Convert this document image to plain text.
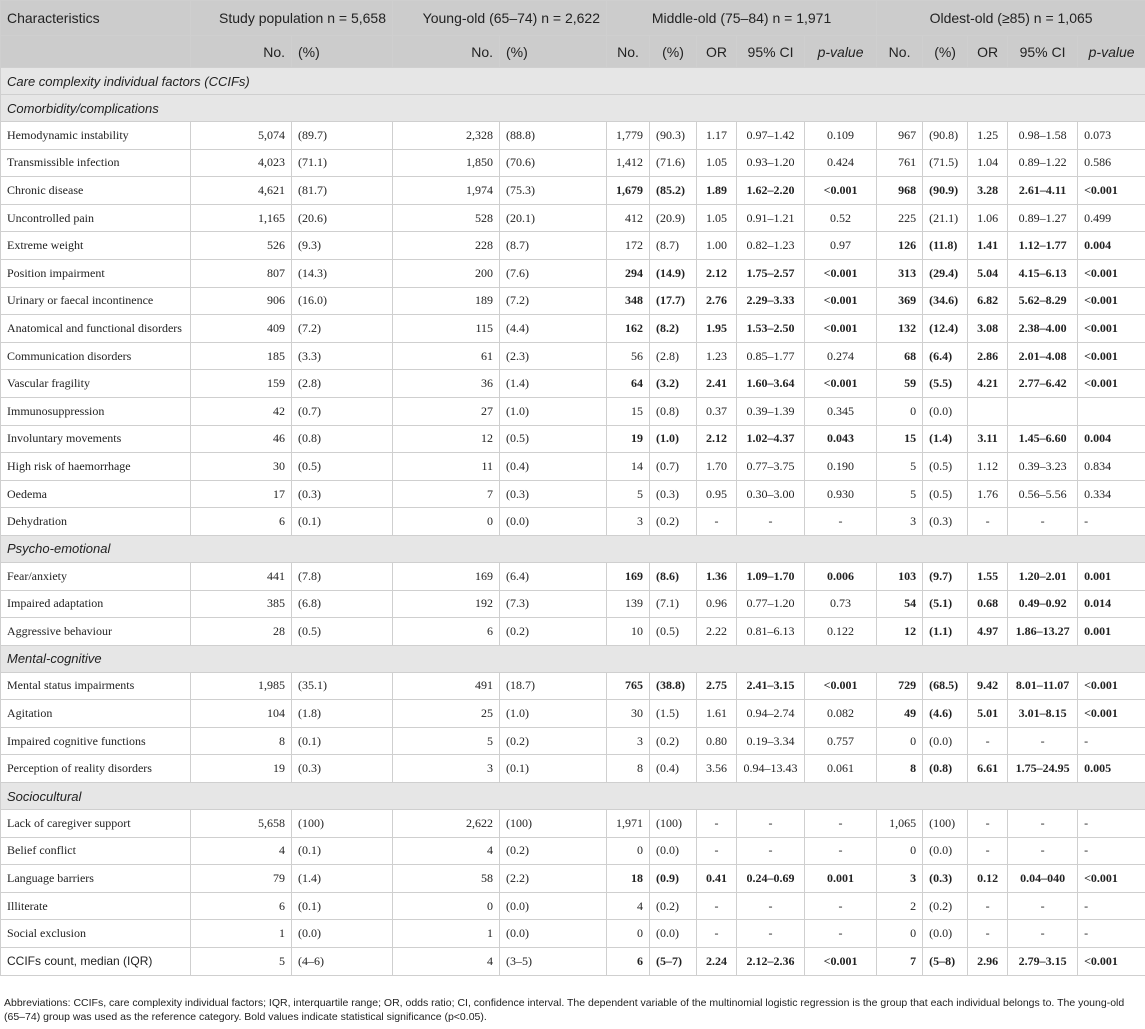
Characteristics	Study population n = 5,658		Young-old (65–74) n = 2,622		Middle-old (75–84) n = 1,971					Oldest-old (≥85) n = 1,065				
	No.	(%)	No.	(%)	No.	(%)	OR	95% CI	p-value	No.	(%)	OR	95% CI	p-value
Care complexity individual factors (CCIFs)														
Comorbidity/complications														
Hemodynamic instability	5,074	(89.7)	2,328	(88.8)	1,779	(90.3)	1.17	0.97–1.42	0.109	967	(90.8)	1.25	0.98–1.58	0.073
Transmissible infection	4,023	(71.1)	1,850	(70.6)	1,412	(71.6)	1.05	0.93–1.20	0.424	761	(71.5)	1.04	0.89–1.22	0.586
Chronic disease	4,621	(81.7)	1,974	(75.3)	1,679	(85.2)	1.89	1.62–2.20	<0.001	968	(90.9)	3.28	2.61–4.11	<0.001
Uncontrolled pain	1,165	(20.6)	528	(20.1)	412	(20.9)	1.05	0.91–1.21	0.52	225	(21.1)	1.06	0.89–1.27	0.499
Extreme weight	526	(9.3)	228	(8.7)	172	(8.7)	1.00	0.82–1.23	0.97	126	(11.8)	1.41	1.12–1.77	0.004
Position impairment	807	(14.3)	200	(7.6)	294	(14.9)	2.12	1.75–2.57	<0.001	313	(29.4)	5.04	4.15–6.13	<0.001
Urinary or faecal incontinence	906	(16.0)	189	(7.2)	348	(17.7)	2.76	2.29–3.33	<0.001	369	(34.6)	6.82	5.62–8.29	<0.001
Anatomical and functional disorders	409	(7.2)	115	(4.4)	162	(8.2)	1.95	1.53–2.50	<0.001	132	(12.4)	3.08	2.38–4.00	<0.001
Communication disorders	185	(3.3)	61	(2.3)	56	(2.8)	1.23	0.85–1.77	0.274	68	(6.4)	2.86	2.01–4.08	<0.001
Vascular fragility	159	(2.8)	36	(1.4)	64	(3.2)	2.41	1.60–3.64	<0.001	59	(5.5)	4.21	2.77–6.42	<0.001
Immunosuppression	42	(0.7)	27	(1.0)	15	(0.8)	0.37	0.39–1.39	0.345	0	(0.0)			
Involuntary movements	46	(0.8)	12	(0.5)	19	(1.0)	2.12	1.02–4.37	0.043	15	(1.4)	3.11	1.45–6.60	0.004
High risk of haemorrhage	30	(0.5)	11	(0.4)	14	(0.7)	1.70	0.77–3.75	0.190	5	(0.5)	1.12	0.39–3.23	0.834
Oedema	17	(0.3)	7	(0.3)	5	(0.3)	0.95	0.30–3.00	0.930	5	(0.5)	1.76	0.56–5.56	0.334
Dehydration	6	(0.1)	0	(0.0)	3	(0.2)	-	-	-	3	(0.3)	-	-	-
Psycho-emotional														
Fear/anxiety	441	(7.8)	169	(6.4)	169	(8.6)	1.36	1.09–1.70	0.006	103	(9.7)	1.55	1.20–2.01	0.001
Impaired adaptation	385	(6.8)	192	(7.3)	139	(7.1)	0.96	0.77–1.20	0.73	54	(5.1)	0.68	0.49–0.92	0.014
Aggressive behaviour	28	(0.5)	6	(0.2)	10	(0.5)	2.22	0.81–6.13	0.122	12	(1.1)	4.97	1.86–13.27	0.001
Mental-cognitive														
Mental status impairments	1,985	(35.1)	491	(18.7)	765	(38.8)	2.75	2.41–3.15	<0.001	729	(68.5)	9.42	8.01–11.07	<0.001
Agitation	104	(1.8)	25	(1.0)	30	(1.5)	1.61	0.94–2.74	0.082	49	(4.6)	5.01	3.01–8.15	<0.001
Impaired cognitive functions	8	(0.1)	5	(0.2)	3	(0.2)	0.80	0.19–3.34	0.757	0	(0.0)	-	-	-
Perception of reality disorders	19	(0.3)	3	(0.1)	8	(0.4)	3.56	0.94–13.43	0.061	8	(0.8)	6.61	1.75–24.95	0.005
Sociocultural														
Lack of caregiver support	5,658	(100)	2,622	(100)	1,971	(100)	-	-	-	1,065	(100)	-	-	-
Belief conflict	4	(0.1)	4	(0.2)	0	(0.0)	-	-	-	0	(0.0)	-	-	-
Language barriers	79	(1.4)	58	(2.2)	18	(0.9)	0.41	0.24–0.69	0.001	3	(0.3)	0.12	0.04–040	<0.001
Illiterate	6	(0.1)	0	(0.0)	4	(0.2)	-	-	-	2	(0.2)	-	-	-
Social exclusion	1	(0.0)	1	(0.0)	0	(0.0)	-	-	-	0	(0.0)	-	-	-
CCIFs count, median (IQR)	5	(4–6)	4	(3–5)	6	(5–7)	2.24	2.12–2.36	<0.001	7	(5–8)	2.96	2.79–3.15	<0.001
Abbreviations: CCIFs, care complexity individual factors; IQR, interquartile range; OR, odds ratio; CI, confidence interval. The dependent variable of the multinomial logistic regression is the group that each individual belongs to. The young-old (65–74) group was used as the reference category. Bold values indicate statistical significance (p<0.05).
